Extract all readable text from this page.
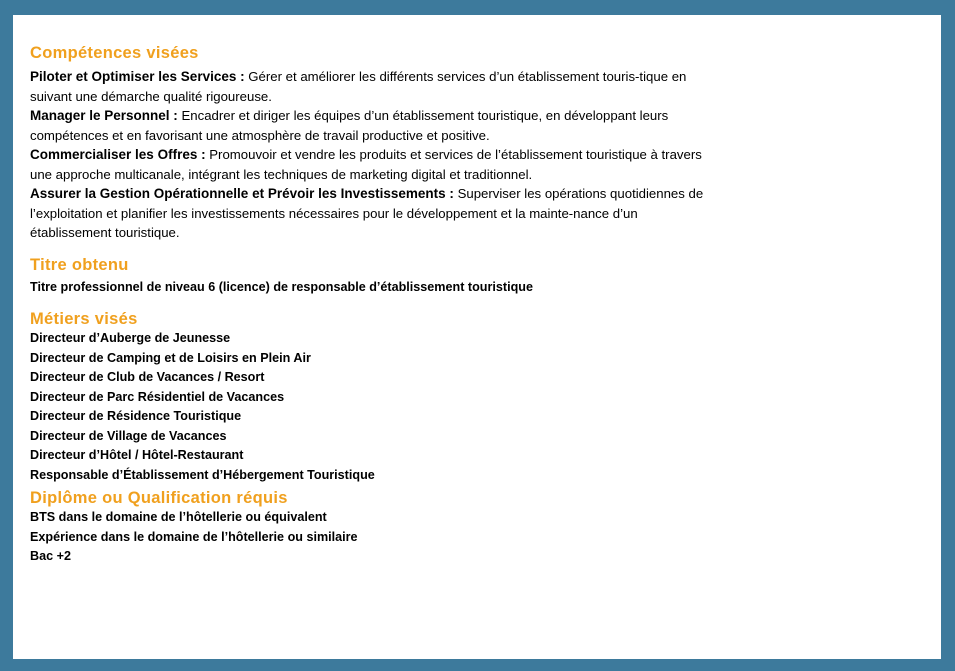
Compétences visées

Piloter et Optimiser les Services : Gérer et améliorer les différents services d’un établissement touris-tique en suivant une démarche qualité rigoureuse.

Manager le Personnel : Encadrer et diriger les équipes d’un établissement touristique, en développant leurs compétences et en favorisant une atmosphère de travail productive et positive.

Commercialiser les Offres : Promouvoir et vendre les produits et services de l’établissement touristique à travers une approche multicanale, intégrant les techniques de marketing digital et traditionnel.

Assurer la Gestion Opérationnelle et Prévoir les Investissements : Superviser les opérations quotidiennes de l’exploitation et planifier les investissements nécessaires pour le développement et la mainte-nance d’un établissement touristique.

Titre obtenu

Titre professionnel de niveau 6 (licence) de responsable d’établissement touristique

Métiers visés
Directeur d’Auberge de Jeunesse
Directeur de Camping et de Loisirs en Plein Air
Directeur de Club de Vacances / Resort
Directeur de Parc Résidentiel de Vacances
Directeur de Résidence Touristique
Directeur de Village de Vacances
Directeur d’Hôtel / Hôtel-Restaurant
Responsable d’Établissement d’Hébergement Touristique
Diplôme ou Qualification réquis
BTS dans le domaine de l’hôtellerie ou équivalent
Expérience dans le domaine de l’hôtellerie ou similaire
Bac +2
